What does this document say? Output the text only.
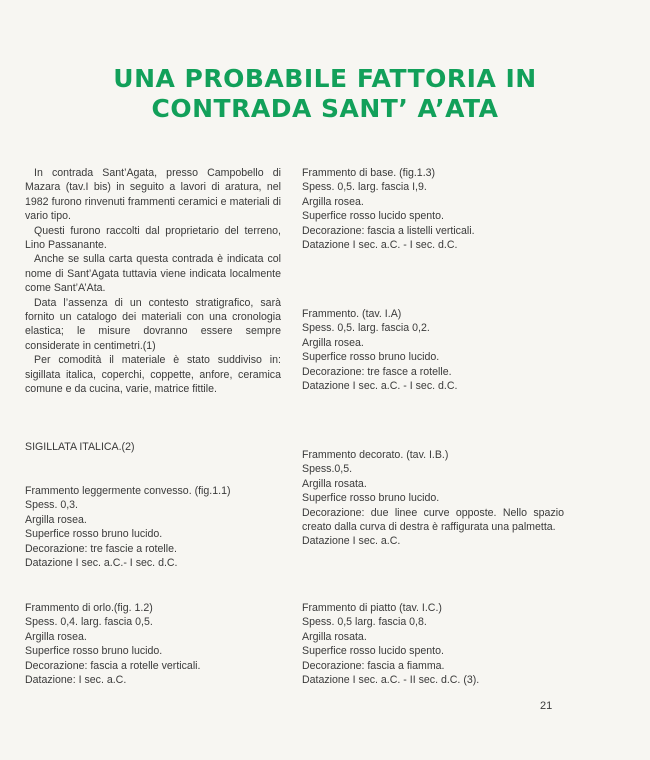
UNA PROBABILE FATTORIA IN
CONTRADA SANT’ A’ATA

In contrada Sant’Agata, presso Campobello di Mazara (tav.I bis) in seguito a lavori di aratura, nel 1982 furono rinvenuti frammenti ceramici e materiali di vario tipo.

Questi furono raccolti dal proprietario del terreno, Lino Passanante.

Anche se sulla carta questa contrada è indicata col nome di Sant’Agata tuttavia viene indicata localmente come Sant’A’Ata.

Data l’assenza di un contesto stratigrafico, sarà fornito un catalogo dei materiali con una cronologia elastica; le misure dovranno essere sempre considerate in centimetri.(1)

Per comodità il materiale è stato suddiviso in: sigillata italica, coperchi, coppette, anfore, ceramica comune e da cucina, varie, matrice fittile.

SIGILLATA ITALICA.(2)
Frammento leggermente convesso. (fig.1.1)
Spess. 0,3.
Argilla rosea.
Superfice rosso bruno lucido.
Decorazione: tre fascie a rotelle.
Datazione I sec. a.C.- I sec. d.C.
Frammento di orlo.(fig. 1.2)
Spess. 0,4. larg. fascia 0,5.
Argilla rosea.
Superfice rosso bruno lucido.
Decorazione: fascia a rotelle verticali.
Datazione: I sec. a.C.
Frammento di base. (fig.1.3)
Spess. 0,5. larg. fascia I,9.
Argilla rosea.
Superfice rosso lucido spento.
Decorazione: fascia a listelli verticali.
Datazione I sec. a.C. - I sec. d.C.
Frammento. (tav. I.A)
Spess. 0,5. larg. fascia 0,2.
Argilla rosea.
Superfice rosso bruno lucido.
Decorazione: tre fasce a rotelle.
Datazione I sec. a.C. - I sec. d.C.
Frammento decorato. (tav. I.B.)
Spess.0,5.
Argilla rosata.
Superfice rosso bruno lucido.
Decorazione: due linee curve opposte. Nello spazio creato dalla curva di destra è raffigurata una palmetta.
Datazione I sec. a.C.
Frammento di piatto (tav. I.C.)
Spess. 0,5 larg. fascia 0,8.
Argilla rosata.
Superfice rosso lucido spento.
Decorazione: fascia a fiamma.
Datazione I sec. a.C. - II sec. d.C. (3).
21
